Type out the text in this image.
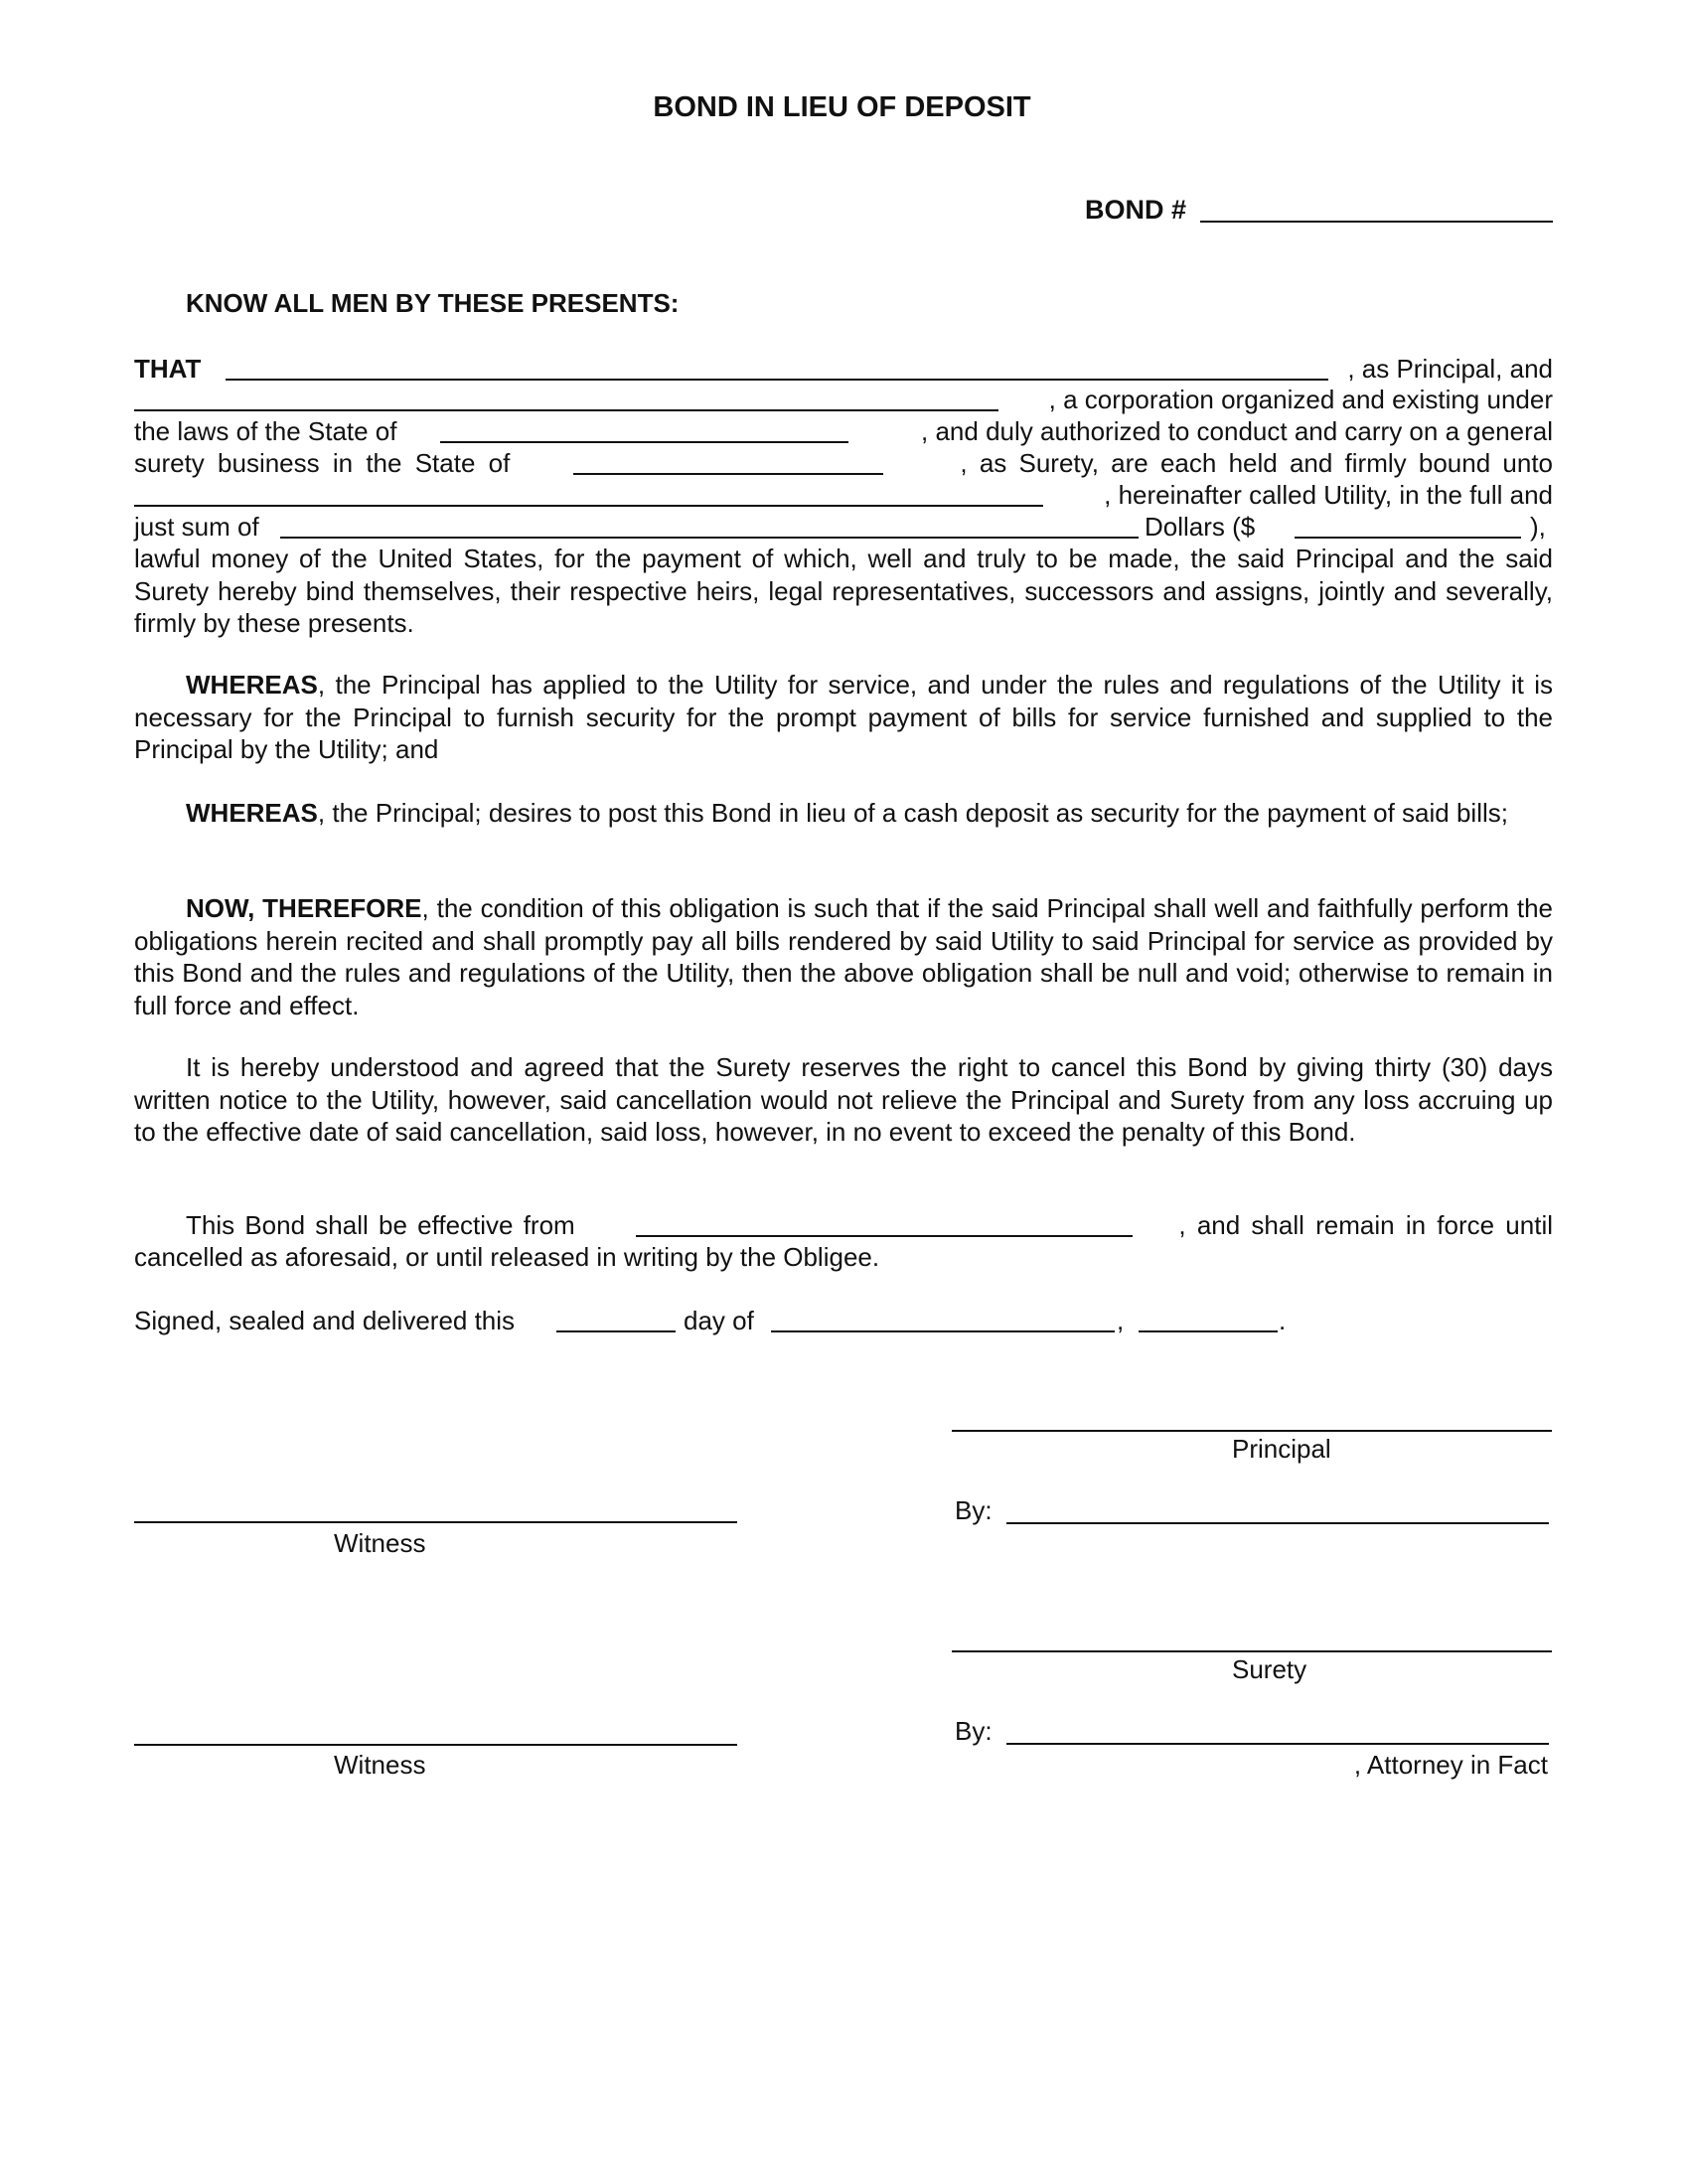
BOND IN LIEU OF DEPOSIT
BOND #
KNOW ALL MEN BY THESE PRESENTS:
THAT	, as Principal, and
, a corporation organized and existing under
the laws of the State of	, and duly authorized to conduct and carry on a general
surety business in the State of	, as Surety, are each held and firmly bound unto
, hereinafter called Utility, in the full and
just sum of	Dollars ($	),
lawful money of the United States, for the payment of which, well and truly to be made, the said Principal and the said Surety hereby bind themselves, their respective heirs, legal representatives, successors and assigns, jointly and severally, firmly by these presents.
WHEREAS, the Principal has applied to the Utility for service, and under the rules and regulations of the Utility it is necessary for the Principal to furnish security for the prompt payment of bills for service furnished and supplied to the Principal by the Utility; and
WHEREAS, the Principal; desires to post this Bond in lieu of a cash deposit as security for the payment of said bills;
NOW, THEREFORE, the condition of this obligation is such that if the said Principal shall well and faithfully perform the obligations herein recited and shall promptly pay all bills rendered by said Utility to said Principal for service as provided by this Bond and the rules and regulations of the Utility, then the above obligation shall be null and void; otherwise to remain in full force and effect.
It is hereby understood and agreed that the Surety reserves the right to cancel this Bond by giving thirty (30) days written notice to the Utility, however, said cancellation would not relieve the Principal and Surety from any loss accruing up to the effective date of said cancellation, said loss, however, in no event to exceed the penalty of this Bond.
This Bond shall be effective from	, and shall remain in force until
cancelled as aforesaid, or until released in writing by the Obligee.
Signed, sealed and delivered this	day of	,	.
Principal
By:
Witness
Surety
By:
Witness	, Attorney in Fact
